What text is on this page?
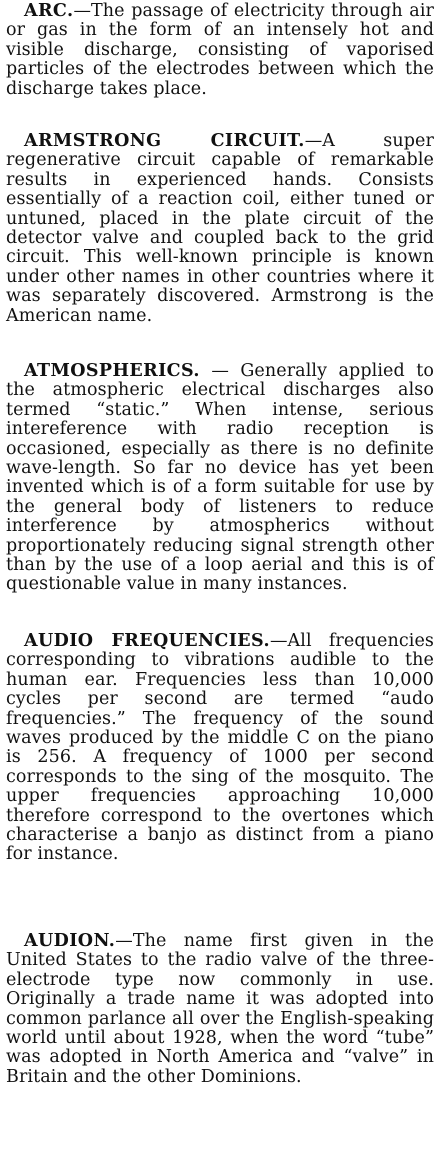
ARC.—The passage of electricity through air or gas in the form of an intensely hot and visible discharge, consisting of vaporised particles of the electrodes between which the discharge takes place.

ARMSTRONG CIRCUIT.—A super regenerative circuit capable of remarkable results in experienced hands. Consists essentially of a reaction coil, either tuned or untuned, placed in the plate circuit of the detector valve and coupled back to the grid circuit. This well-known principle is known under other names in other countries where it was separately discovered. Armstrong is the American name.

ATMOSPHERICS. — Generally applied to the atmospheric electrical discharges also termed “static.” When intense, serious intereference with radio reception is occasioned, especially as there is no definite wave-length. So far no device has yet been invented which is of a form suitable for use by the general body of listeners to reduce interference by atmospherics without proportionately reducing signal strength other than by the use of a loop aerial and this is of questionable value in many instances.

AUDIO FREQUENCIES.—All frequencies corresponding to vibrations audible to the human ear. Frequencies less than 10,000 cycles per second are termed “audo frequencies.” The frequency of the sound waves produced by the middle C on the piano is 256. A frequency of 1000 per second corresponds to the sing of the mosquito. The upper frequencies approaching 10,000 therefore correspond to the overtones which characterise a banjo as distinct from a piano for instance.

AUDION.—The name first given in the United States to the radio valve of the three-electrode type now commonly in use. Originally a trade name it was adopted into common parlance all over the English-speaking world until about 1928, when the word “tube” was adopted in North America and “valve” in Britain and the other Dominions.
